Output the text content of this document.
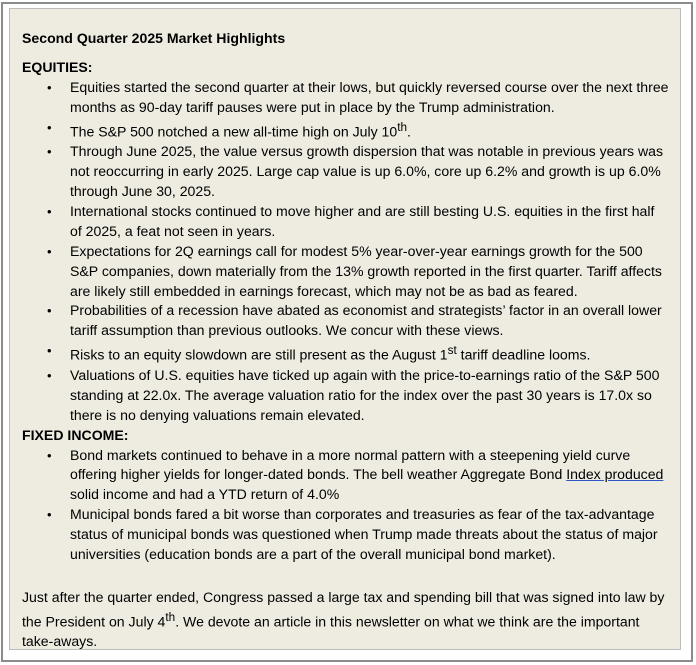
Second Quarter 2025 Market Highlights
EQUITIES:
• Equities started the second quarter at their lows, but quickly reversed course over the next three months as 90-day tariff pauses were put in place by the Trump administration.
• The S&P 500 notched a new all-time high on July 10th.
• Through June 2025, the value versus growth dispersion that was notable in previous years was not reoccurring in early 2025. Large cap value is up 6.0%, core up 6.2% and growth is up 6.0% through June 30, 2025.
• International stocks continued to move higher and are still besting U.S. equities in the first half of 2025, a feat not seen in years.
• Expectations for 2Q earnings call for modest 5% year-over-year earnings growth for the 500 S&P companies, down materially from the 13% growth reported in the first quarter. Tariff affects are likely still embedded in earnings forecast, which may not be as bad as feared.
• Probabilities of a recession have abated as economist and strategists’ factor in an overall lower tariff assumption than previous outlooks. We concur with these views.
• Risks to an equity slowdown are still present as the August 1st tariff deadline looms.
• Valuations of U.S. equities have ticked up again with the price-to-earnings ratio of the S&P 500 standing at 22.0x. The average valuation ratio for the index over the past 30 years is 17.0x so there is no denying valuations remain elevated.
FIXED INCOME:
• Bond markets continued to behave in a more normal pattern with a steepening yield curve offering higher yields for longer-dated bonds. The bell weather Aggregate Bond Index produced solid income and had a YTD return of 4.0%
• Municipal bonds fared a bit worse than corporates and treasuries as fear of the tax-advantage status of municipal bonds was questioned when Trump made threats about the status of major universities (education bonds are a part of the overall municipal bond market).
Just after the quarter ended, Congress passed a large tax and spending bill that was signed into law by the President on July 4th. We devote an article in this newsletter on what we think are the important take-aways.
